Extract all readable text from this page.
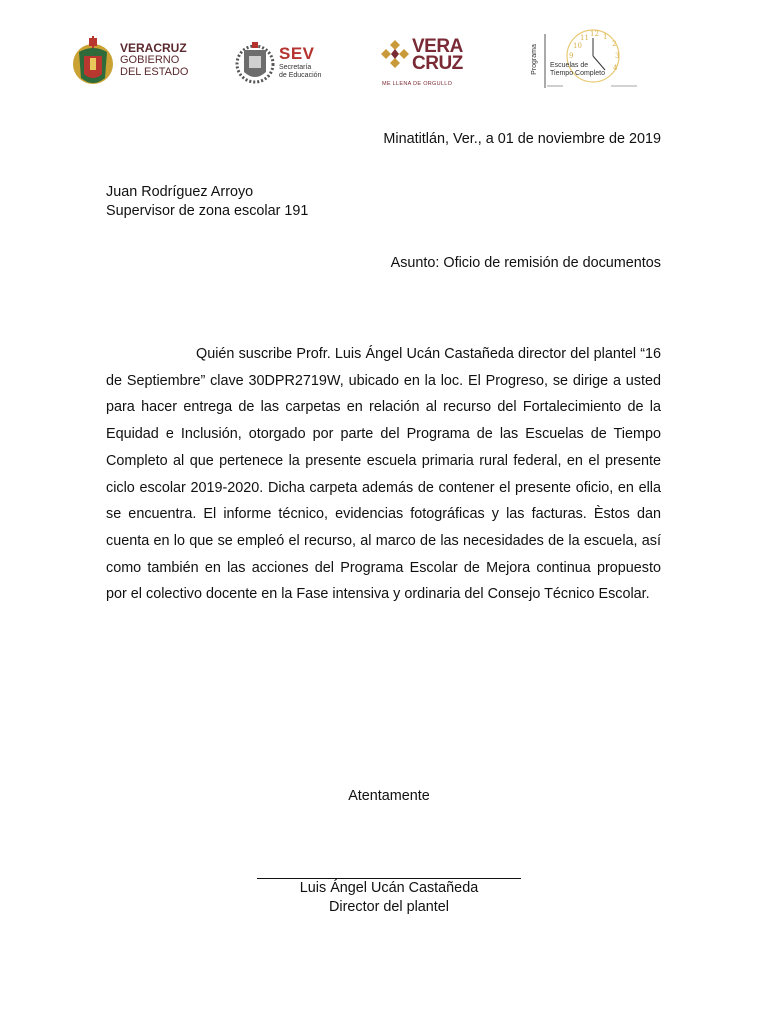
VERACRUZ
GOBIERNO
DEL ESTADO
SEV
Secretaría
de Educación
VERA
CRUZ
ME LLENA DE ORGULLO
Programa
12
11
10
9
1
2
3
4
Escuelas de
Tiempo Completo
Minatitlán, Ver., a 01 de noviembre de 2019
Juan Rodríguez Arroyo
Supervisor de zona escolar 191
Asunto: Oficio de remisión de documentos
Quién suscribe Profr. Luis Ángel Ucán Castañeda director del plantel “16 de Septiembre” clave 30DPR2719W, ubicado en la loc. El Progreso, se dirige a usted para hacer entrega de las carpetas en relación al recurso del Fortalecimiento de la Equidad e Inclusión, otorgado por parte del Programa de las Escuelas de Tiempo Completo al que pertenece la presente escuela primaria rural federal, en el presente ciclo escolar 2019-2020. Dicha carpeta además de contener el presente oficio, en ella se encuentra. El informe técnico, evidencias fotográficas y las facturas. Èstos dan cuenta en lo que se empleó el recurso, al marco de las necesidades de la escuela, así como también en las acciones del Programa Escolar de Mejora continua propuesto por el colectivo docente en la Fase intensiva y ordinaria del Consejo Técnico Escolar.
Atentamente
Luis Ángel Ucán Castañeda
Director del plantel
